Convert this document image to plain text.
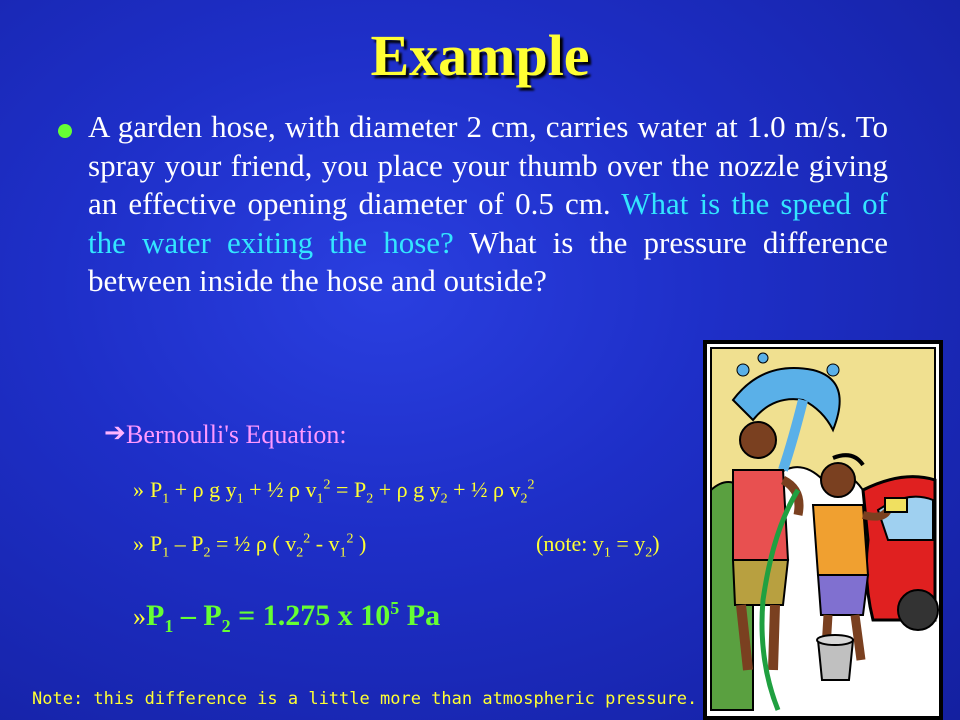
Example
A garden hose, with diameter 2 cm, carries water at 1.0 m/s. To spray your friend, you place your thumb over the nozzle giving an effective opening diameter of 0.5 cm. What is the speed of the water exiting the hose? What is the pressure difference between inside the hose and outside?
➔ Bernoulli's Equation:
» $P_1 + \rho$ g $y_1$ + ½ ρ $v_1^2 = P_2 + \rho$ g $y_2$ + ½ ρ $v_2^2$
» $P_1 - P_2$ = ½ ρ ( $v_2^2 - v_1^2$ )	(note: $y_1 = y_2$)
$»P_1 - P_2 = 1.275$ x $10^5$ Pa
Note: this difference is a little more than atmospheric pressure.
